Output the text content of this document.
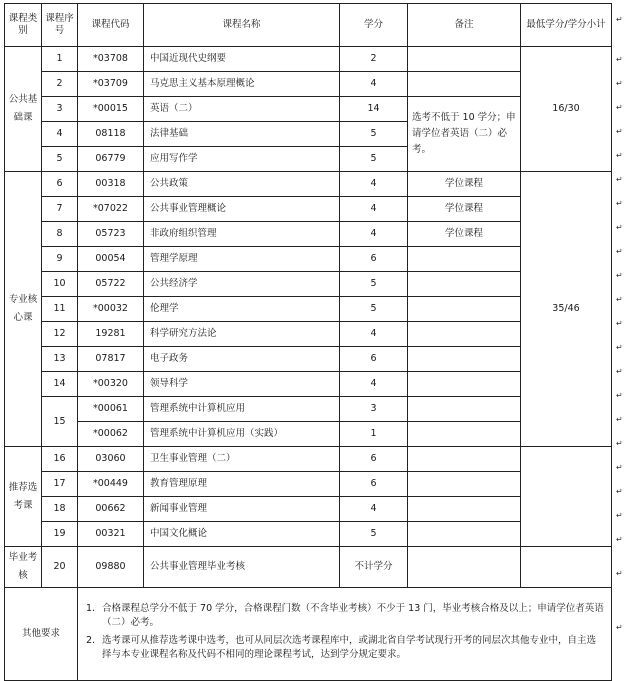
课程类别	课程序号	课程代码	课程名称	学分	备注	最低学分/学分小计
公共基础课	1	*03708	中国近现代史纲要	2		16/30
	2	*03709	马克思主义基本原理概论	4		
	3	*00015	英语（二）	14	选考不低于 10 学分；申请学位者英语（二）必考。	
	4	08118	法律基础	5		
	5	06779	应用写作学	5		
专业核心课	6	00318	公共政策	4	学位课程	35/46
	7	*07022	公共事业管理概论	4	学位课程	
	8	05723	非政府组织管理	4	学位课程	
	9	00054	管理学原理	6		
	10	05722	公共经济学	5		
	11	*00032	伦理学	5		
	12	19281	科学研究方法论	4		
	13	07817	电子政务	6		
	14	*00320	领导科学	4		
	15	*00061	管理系统中计算机应用	3		
		*00062	管理系统中计算机应用（实践）	1		
推荐选考课	16	03060	卫生事业管理（二）	6		
	17	*00449	教育管理原理	6		
	18	00662	新闻事业管理	4		
	19	00321	中国文化概论	5		
毕业考核	20	09880	公共事业管理毕业考核	不计学分		
其他要求		1. 合格课程总学分不低于 70 学分，合格课程门数（不含毕业考核）不少于 13 门，毕业考核合格及以上；申请学位者英语（二）必考。
2. 选考课可从推荐选考课中选考，也可从同层次选考课程库中，或湖北省自学考试现行开考的同层次其他专业中，自主选择与本专业课程名称及代码不相同的理论课程考试，达到学分规定要求。				
↵
↵
↵
↵
↵
↵
↵
↵
↵
↵
↵
↵
↵
↵
↵
↵
↵
↵
↵
↵
↵
↵
↵
↵
